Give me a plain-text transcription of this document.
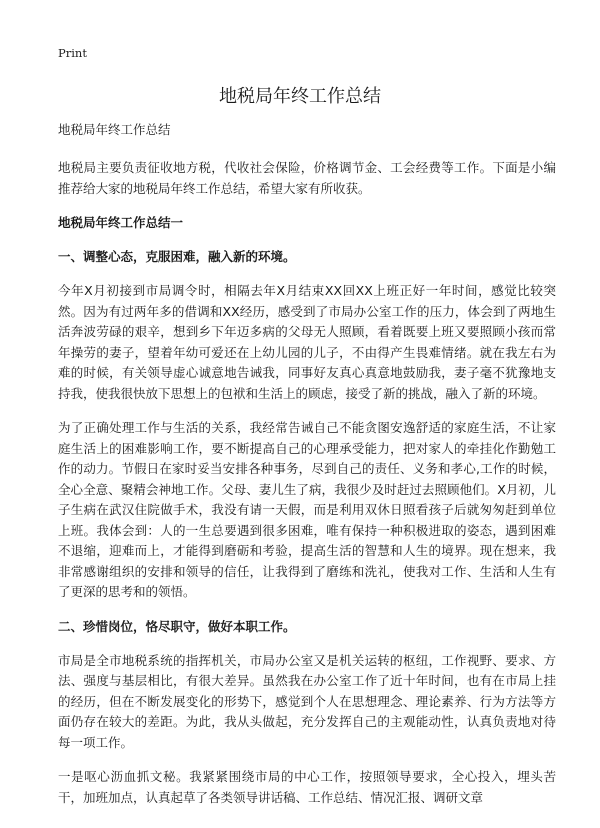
Print
地税局年终工作总结
地税局年终工作总结

地税局主要负责征收地方税，代收社会保险，价格调节金、工会经费等工作。下面是小编推荐给大家的地税局年终工作总结，希望大家有所收获。

地税局年终工作总结一
一、调整心态，克服困难，融入新的环境。

今年X月初接到市局调令时，相隔去年X月结束XX回XX上班正好一年时间，感觉比较突然。因为有过两年多的借调和XX经历，感受到了市局办公室工作的压力，体会到了两地生活奔波劳碌的艰辛，想到乡下年迈多病的父母无人照顾，看着既要上班又要照顾小孩而常年操劳的妻子，望着年幼可爱还在上幼儿园的儿子，不由得产生畏难情绪。就在我左右为难的时候，有关领导虚心诚意地告诫我，同事好友真心真意地鼓励我，妻子毫不犹豫地支持我，使我很快放下思想上的包袱和生活上的顾虑，接受了新的挑战，融入了新的环境。

为了正确处理工作与生活的关系，我经常告诫自己不能贪图安逸舒适的家庭生活，不让家庭生活上的困难影响工作，要不断提高自己的心理承受能力，把对家人的牵挂化作勤勉工作的动力。节假日在家时妥当安排各种事务，尽到自己的责任、义务和孝心,工作的时候，全心全意、聚精会神地工作。父母、妻儿生了病，我很少及时赶过去照顾他们。X月初，儿子生病在武汉住院做手术，我没有请一天假，而是利用双休日照看孩子后就匆匆赶到单位上班。我体会到：人的一生总要遇到很多困难，唯有保持一种积极进取的姿态，遇到困难不退缩，迎难而上，才能得到磨砺和考验，提高生活的智慧和人生的境界。现在想来，我非常感谢组织的安排和领导的信任，让我得到了磨练和洗礼，使我对工作、生活和人生有了更深的思考和的领悟。

二、珍惜岗位，恪尽职守，做好本职工作。

市局是全市地税系统的指挥机关，市局办公室又是机关运转的枢纽，工作视野、要求、方法、强度与基层相比，有很大差异。虽然我在办公室工作了近十年时间，也有在市局上挂的经历，但在不断发展变化的形势下，感觉到个人在思想理念、理论素养、行为方法等方面仍存在较大的差距。为此，我从头做起，充分发挥自己的主观能动性，认真负责地对待每一项工作。

一是呕心沥血抓文秘。我紧紧围绕市局的中心工作，按照领导要求，全心投入，埋头苦干，加班加点，认真起草了各类领导讲话稿、工作总结、情况汇报、调研文章
